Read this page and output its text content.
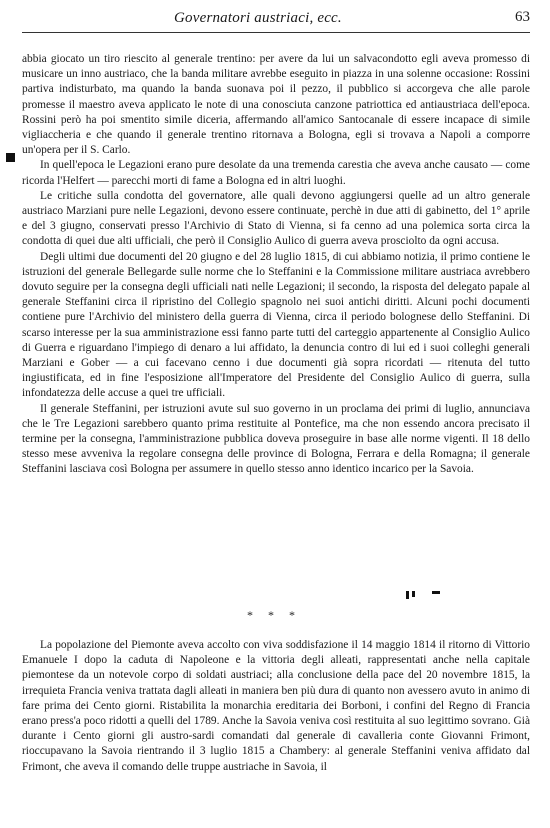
Governatori austriaci, ecc.	63

abbia giocato un tiro riescito al generale trentino: per avere da lui un salvacondotto egli aveva promesso di musicare un inno austriaco, che la banda militare avrebbe eseguito in piazza in una solenne occasione: Rossini partiva indisturbato, ma quando la banda suonava poi il pezzo, il pubblico si accorgeva che alle parole promesse il maestro aveva applicato le note di una conosciuta canzone patriottica ed antiaustriaca dell'epoca. Rossini però ha poi smentito simile diceria, affermando all'amico Santocanale di essere incapace di simile vigliaccheria e che quando il generale trentino ritornava a Bologna, egli si trovava a Napoli a comporre un'opera per il S. Carlo.

In quell'epoca le Legazioni erano pure desolate da una tremenda carestia che aveva anche causato — come ricorda l'Helfert — parecchi morti di fame a Bologna ed in altri luoghi.

Le critiche sulla condotta del governatore, alle quali devono aggiungersi quelle ad un altro generale austriaco Marziani pure nelle Legazioni, devono essere continuate, perchè in due atti di gabinetto, del 1° aprile e del 3 giugno, conservati presso l'Archivio di Stato di Vienna, si fa cenno ad una polemica sorta circa la condotta di quei due alti ufficiali, che però il Consiglio Aulico di guerra aveva prosciolto da ogni accusa.

Degli ultimi due documenti del 20 giugno e del 28 luglio 1815, di cui abbiamo notizia, il primo contiene le istruzioni del generale Bellegarde sulle norme che lo Steffanini e la Commissione militare austriaca avrebbero dovuto seguire per la consegna degli ufficiali nati nelle Legazioni; il secondo, la risposta del delegato papale al generale Steffanini circa il ripristino del Collegio spagnolo nei suoi antichi diritti. Alcuni pochi documenti contiene pure l'Archivio del ministero della guerra di Vienna, circa il periodo bolognese dello Steffanini. Di scarso interesse per la sua amministrazione essi fanno parte tutti del carteggio appartenente al Consiglio Aulico di Guerra e riguardano l'impiego di denaro a lui affidato, la denuncia contro di lui ed i suoi colleghi generali Marziani e Gober — a cui facevano cenno i due documenti già sopra ricordati — ritenuta del tutto ingiustificata, ed in fine l'esposizione all'Imperatore del Presidente del Consiglio Aulico di guerra, sulla infondatezza delle accuse a quei tre ufficiali.

Il generale Steffanini, per istruzioni avute sul suo governo in un proclama dei primi di luglio, annunciava che le Tre Legazioni sarebbero quanto prima restituite al Pontefice, ma che non essendo ancora precisato il termine per la consegna, l'amministrazione pubblica doveva proseguire in base alle norme vigenti. Il 18 dello stesso mese avveniva la regolare consegna delle province di Bologna, Ferrara e della Romagna; il generale Steffanini lasciava così Bologna per assumere in quello stesso anno identico incarico per la Savoia.

* * *

La popolazione del Piemonte aveva accolto con viva soddisfazione il 14 maggio 1814 il ritorno di Vittorio Emanuele I dopo la caduta di Napoleone e la vittoria degli alleati, rappresentati anche nella capitale piemontese da un notevole corpo di soldati austriaci; alla conclusione della pace del 20 novembre 1815, la irrequieta Francia veniva trattata dagli alleati in maniera ben più dura di quanto non avessero avuto in animo di fare prima dei Cento giorni. Ristabilita la monarchia ereditaria dei Borboni, i confini del Regno di Francia erano press'a poco ridotti a quelli del 1789. Anche la Savoia veniva così restituita al suo legittimo sovrano. Già durante i Cento giorni gli austro-sardi comandati dal generale di cavalleria conte Giovanni Frimont, rioccupavano la Savoia rientrando il 3 luglio 1815 a Chambery: al generale Steffanini veniva affidato dal Frimont, che aveva il comando delle truppe austriache in Savoia, il
